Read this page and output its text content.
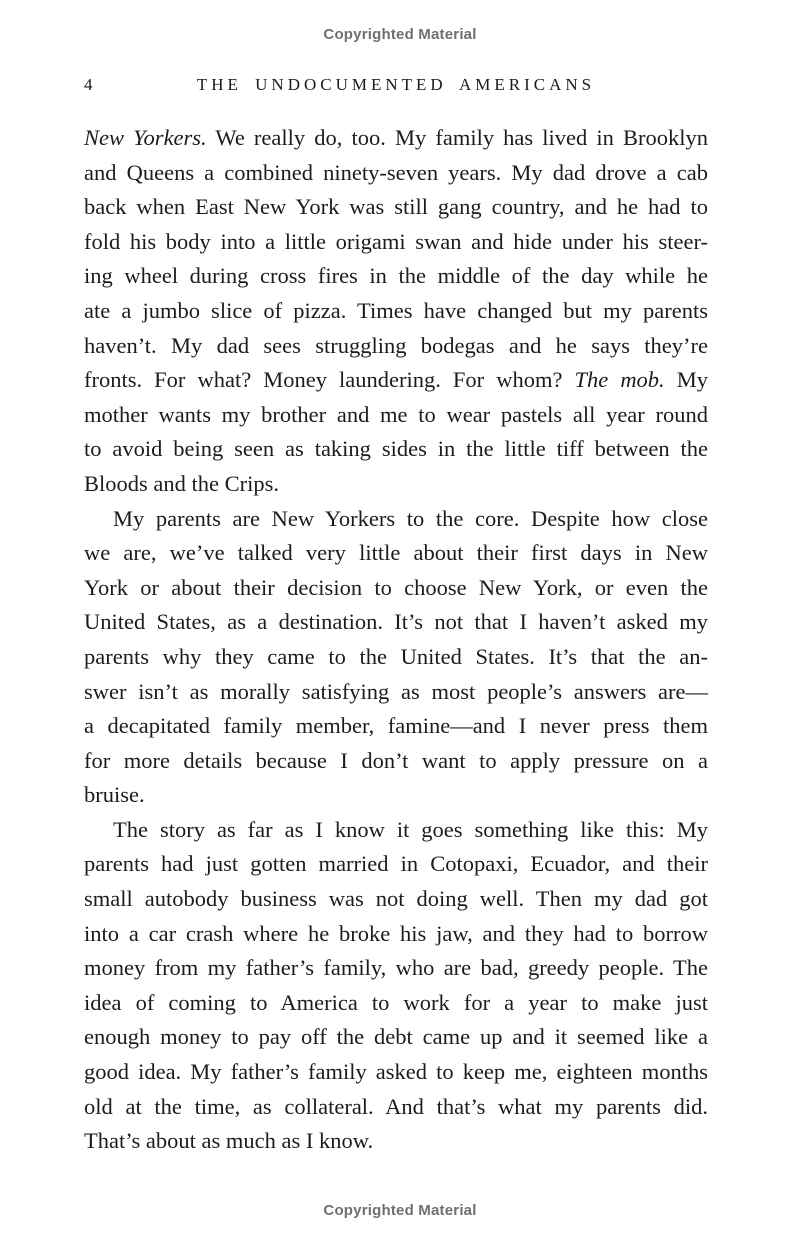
Copyrighted Material
4	THE UNDOCUMENTED AMERICANS
New Yorkers. We really do, too. My family has lived in Brooklyn
and Queens a combined ninety-seven years. My dad drove a cab
back when East New York was still gang country, and he had to
fold his body into a little origami swan and hide under his steer-
ing wheel during cross fires in the middle of the day while he
ate a jumbo slice of pizza. Times have changed but my parents
haven’t. My dad sees struggling bodegas and he says they’re
fronts. For what? Money laundering. For whom? The mob. My
mother wants my brother and me to wear pastels all year round
to avoid being seen as taking sides in the little tiff between the
Bloods and the Crips.
My parents are New Yorkers to the core. Despite how close
we are, we’ve talked very little about their first days in New
York or about their decision to choose New York, or even the
United States, as a destination. It’s not that I haven’t asked my
parents why they came to the United States. It’s that the an-
swer isn’t as morally satisfying as most people’s answers are—
a decapitated family member, famine—and I never press them
for more details because I don’t want to apply pressure on a
bruise.
The story as far as I know it goes something like this: My
parents had just gotten married in Cotopaxi, Ecuador, and their
small autobody business was not doing well. Then my dad got
into a car crash where he broke his jaw, and they had to borrow
money from my father’s family, who are bad, greedy people. The
idea of coming to America to work for a year to make just
enough money to pay off the debt came up and it seemed like a
good idea. My father’s family asked to keep me, eighteen months
old at the time, as collateral. And that’s what my parents did.
That’s about as much as I know.
Copyrighted Material
